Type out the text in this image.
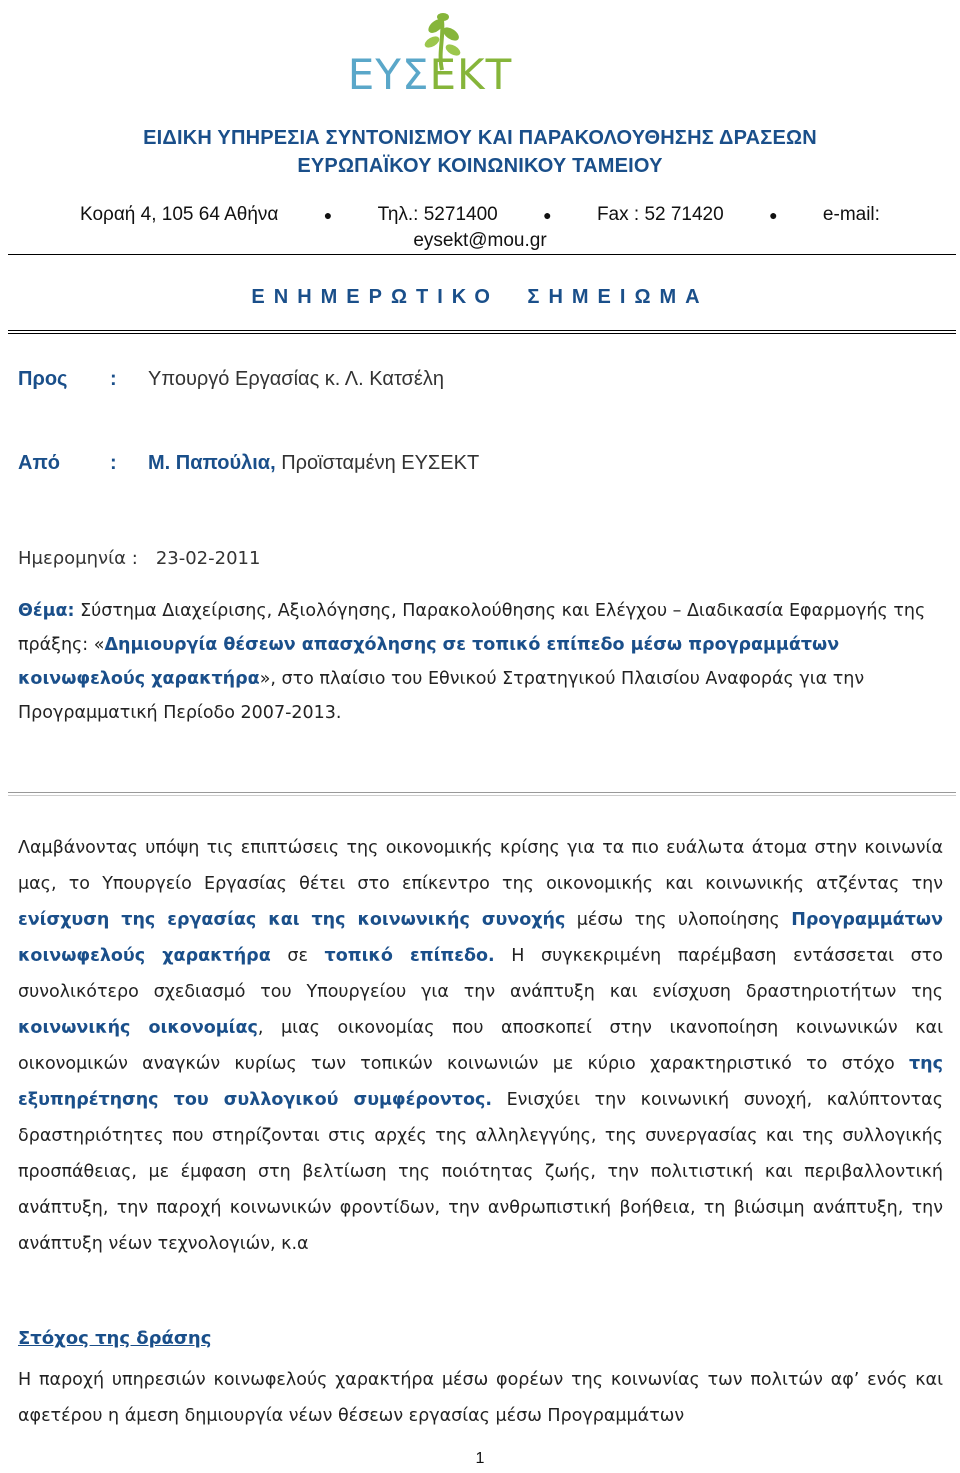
ΕΥΣΕΚΤ
ΕΙΔΙΚΗ ΥΠΗΡΕΣΙΑ ΣΥΝΤΟΝΙΣΜΟΥ ΚΑΙ ΠΑΡΑΚΟΛΟΥΘΗΣΗΣ ΔΡΑΣΕΩΝ
ΕΥΡΩΠΑΪΚΟΥ ΚΟΙΝΩΝΙΚΟΥ ΤΑΜΕΙΟΥ
Κοραή 4, 105 64 Αθήνα	● Τηλ.: 5271400	● Fax : 52 71420	● e-mail:
eysekt@mou.gr
ΕΝΗΜΕΡΩΤΙΚΟ ΣΗΜΕΙΩΜΑ
Προς	: Υπουργό Εργασίας κ. Λ. Κατσέλη
Από	: Μ. Παπούλια, Προϊσταμένη ΕΥΣΕΚΤ
Ημερομηνία : 23-02-2011
Θέμα: Σύστημα Διαχείρισης, Αξιολόγησης, Παρακολούθησης και Ελέγχου – Διαδικασία Εφαρμογής της πράξης: «Δημιουργία θέσεων απασχόλησης σε τοπικό επίπεδο μέσω προγραμμάτων κοινωφελούς χαρακτήρα», στο πλαίσιο του Εθνικού Στρατηγικού Πλαισίου Αναφοράς για την Προγραμματική Περίοδο 2007-2013.
Λαμβάνοντας υπόψη τις επιπτώσεις της οικονομικής κρίσης για τα πιο ευάλωτα άτομα στην κοινωνία μας, το Υπουργείο Εργασίας θέτει στο επίκεντρο της οικονομικής και κοινωνικής ατζέντας την ενίσχυση της εργασίας και της κοινωνικής συνοχής μέσω της υλοποίησης Προγραμμάτων κοινωφελούς χαρακτήρα σε τοπικό επίπεδο. Η συγκεκριμένη παρέμβαση εντάσσεται στο συνολικότερο σχεδιασμό του Υπουργείου για την ανάπτυξη και ενίσχυση δραστηριοτήτων της κοινωνικής οικονομίας, μιας οικονομίας που αποσκοπεί στην ικανοποίηση κοινωνικών και οικονομικών αναγκών κυρίως των τοπικών κοινωνιών με κύριο χαρακτηριστικό το στόχο της εξυπηρέτησης του συλλογικού συμφέροντος. Ενισχύει την κοινωνική συνοχή, καλύπτοντας δραστηριότητες που στηρίζονται στις αρχές της αλληλεγγύης, της συνεργασίας και της συλλογικής προσπάθειας, με έμφαση στη βελτίωση της ποιότητας ζωής, την πολιτιστική και περιβαλλοντική ανάπτυξη, την παροχή κοινωνικών φροντίδων, την ανθρωπιστική βοήθεια, τη βιώσιμη ανάπτυξη, την ανάπτυξη νέων τεχνολογιών, κ.α
Στόχος της δράσης
Η παροχή υπηρεσιών κοινωφελούς χαρακτήρα μέσω φορέων της κοινωνίας των πολιτών αφ’ ενός και αφετέρου η άμεση δημιουργία νέων θέσεων εργασίας μέσω Προγραμμάτων
1
